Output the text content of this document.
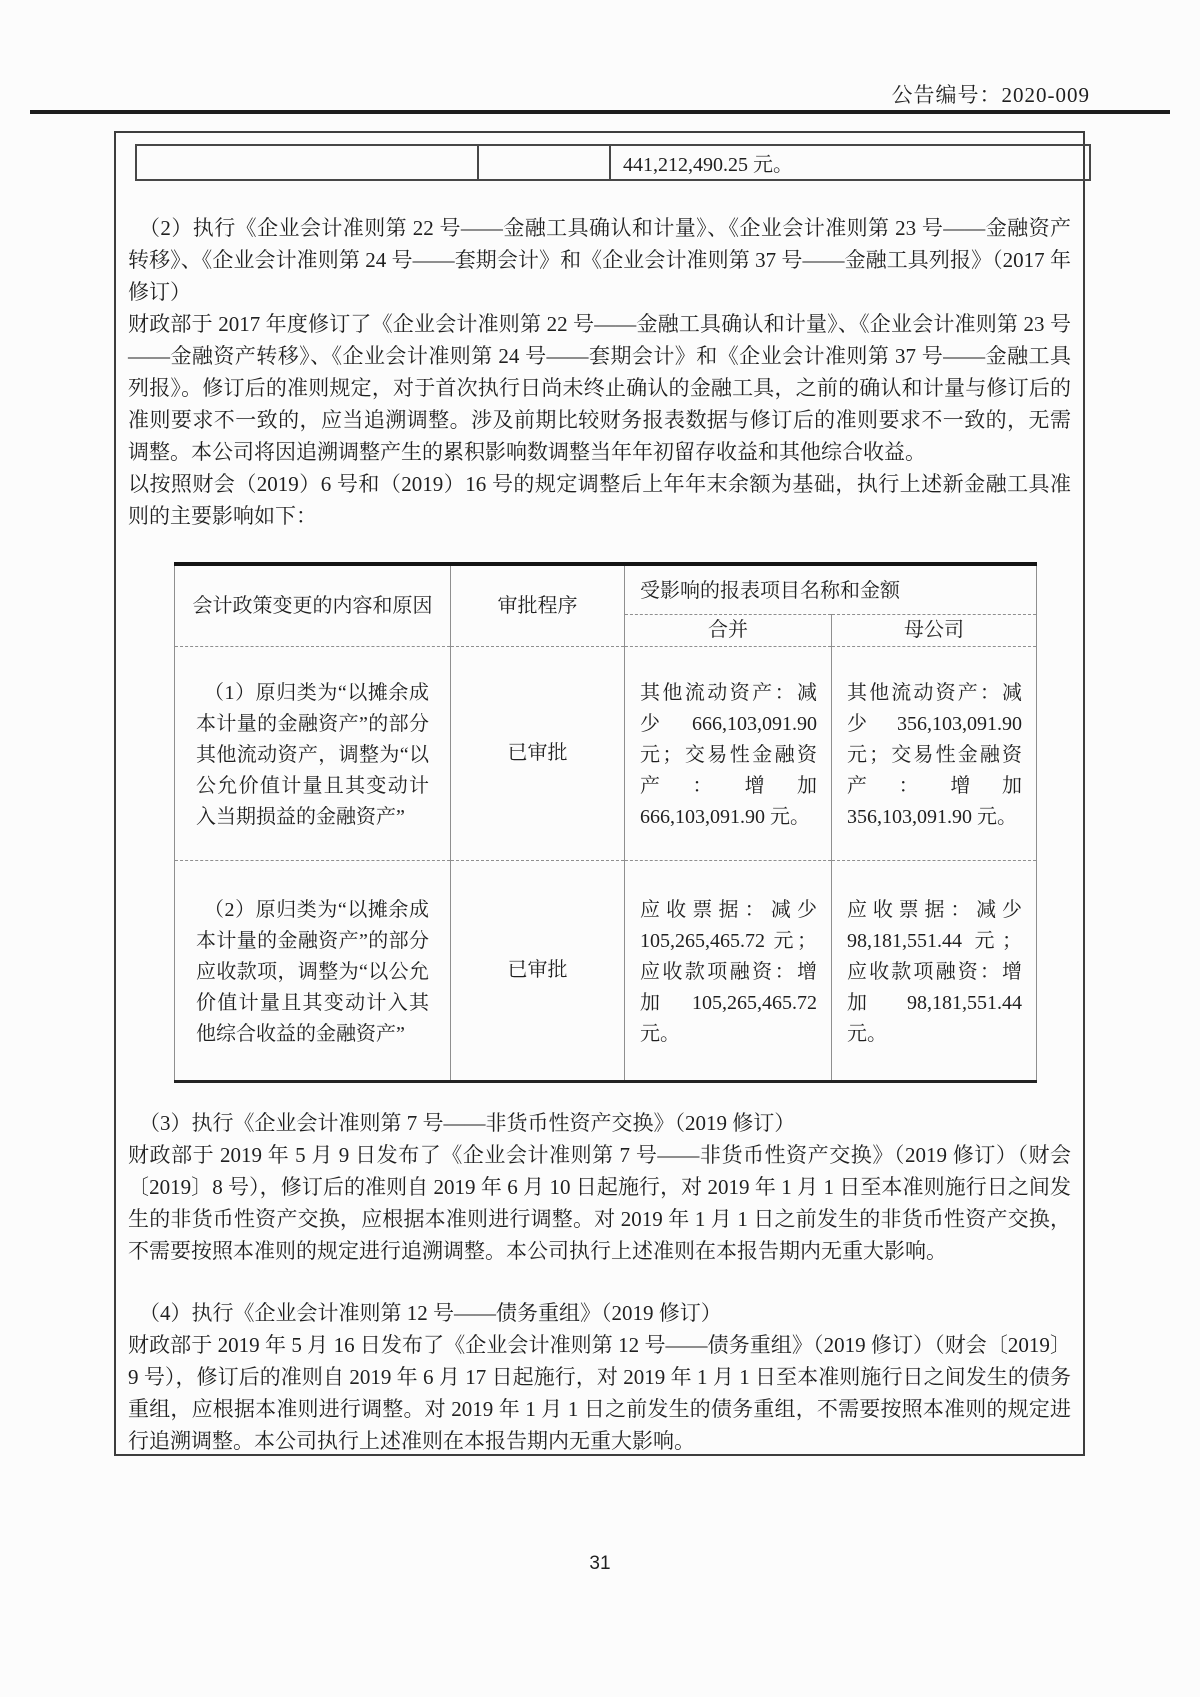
公告编号：2020-009
		441,212,490.25 元。

（2）执行《企业会计准则第 22 号——金融工具确认和计量》、《企业会计准则第 23 号——金融资产转移》、《企业会计准则第 24 号——套期会计》和《企业会计准则第 37 号——金融工具列报》（2017 年修订）

财政部于 2017 年度修订了《企业会计准则第 22 号——金融工具确认和计量》、《企业会计准则第 23 号——金融资产转移》、《企业会计准则第 24 号——套期会计》和《企业会计准则第 37 号——金融工具列报》。修订后的准则规定，对于首次执行日尚未终止确认的金融工具，之前的确认和计量与修订后的准则要求不一致的，应当追溯调整。涉及前期比较财务报表数据与修订后的准则要求不一致的，无需调整。本公司将因追溯调整产生的累积影响数调整当年年初留存收益和其他综合收益。

以按照财会（2019）6 号和（2019）16 号的规定调整后上年年末余额为基础，执行上述新金融工具准则的主要影响如下：

会计政策变更的内容和原因	审批程序	受影响的报表项目名称和金额	
		合并	母公司
（1）原归类为“以摊余成本计量的金融资产”的部分其他流动资产，调整为“以公允价值计量且其变动计入当期损益的金融资产”	已审批	其他流动资产：减少 666,103,091.90 元；交易性金融资产：增加 666,103,091.90 元。	其他流动资产：减少 356,103,091.90 元；交易性金融资产：增加 356,103,091.90 元。
（2）原归类为“以摊余成本计量的金融资产”的部分应收款项，调整为“以公允价值计量且其变动计入其他综合收益的金融资产”	已审批	应收票据：减少 105,265,465.72 元；应收款项融资：增加 105,265,465.72 元。	应收票据：减少 98,181,551.44 元；应收款项融资：增加 98,181,551.44 元。

（3）执行《企业会计准则第 7 号——非货币性资产交换》（2019 修订）

财政部于 2019 年 5 月 9 日发布了《企业会计准则第 7 号——非货币性资产交换》（2019 修订）（财会〔2019〕8 号），修订后的准则自 2019 年 6 月 10 日起施行，对 2019 年 1 月 1 日至本准则施行日之间发生的非货币性资产交换，应根据本准则进行调整。对 2019 年 1 月 1 日之前发生的非货币性资产交换，不需要按照本准则的规定进行追溯调整。本公司执行上述准则在本报告期内无重大影响。

（4）执行《企业会计准则第 12 号——债务重组》（2019 修订）

财政部于 2019 年 5 月 16 日发布了《企业会计准则第 12 号——债务重组》（2019 修订）（财会〔2019〕9 号），修订后的准则自 2019 年 6 月 17 日起施行，对 2019 年 1 月 1 日至本准则施行日之间发生的债务重组，应根据本准则进行调整。对 2019 年 1 月 1 日之前发生的债务重组，不需要按照本准则的规定进行追溯调整。本公司执行上述准则在本报告期内无重大影响。

31
